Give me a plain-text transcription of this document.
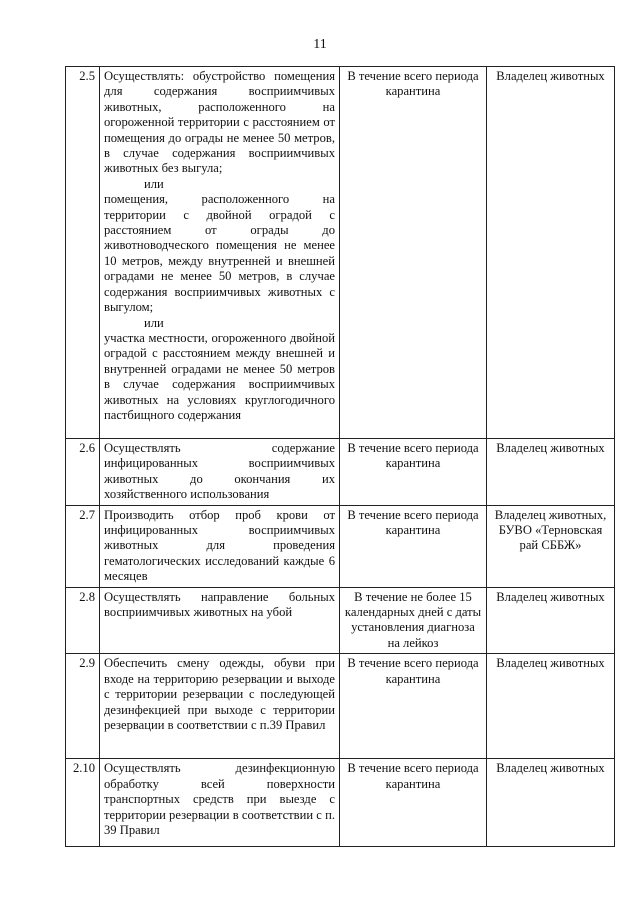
11
2.5	Осуществлять: обустройство помещения для содержания восприимчивых животных, расположенного на огороженной территории с расстоянием от помещения до ограды не менее 50 метров, в случае содержания восприимчивых животных без выгула;

или

помещения, расположенного на территории с двойной оградой с расстоянием от ограды до животноводческого помещения не менее 10 метров, между внутренней и внешней оградами не менее 50 метров, в случае содержания восприимчивых животных с выгулом;

или

участка местности, огороженного двойной оградой с расстоянием между внешней и внутренней оградами не менее 50 метров в случае содержания восприимчивых животных на условиях круглогодичного пастбищного содержания	В течение всего периода карантина	Владелец животных
2.6	Осуществлять содержание инфицированных восприимчивых животных до окончания их хозяйственного использования	В течение всего периода карантина	Владелец животных
2.7	Производить отбор проб крови от инфицированных восприимчивых животных для проведения гематологических исследований каждые 6 месяцев	В течение всего периода карантина	Владелец животных, БУВО «Терновская рай СББЖ»
2.8	Осуществлять направление больных восприимчивых животных на убой	В течение не более 15 календарных дней с даты установления диагноза на лейкоз	Владелец животных
2.9	Обеспечить смену одежды, обуви при входе на территорию резервации и выходе с территории резервации с последующей дезинфекцией при выходе с территории резервации в соответствии с п.39 Правил	В течение всего периода карантина	Владелец животных
2.10	Осуществлять дезинфекционную обработку всей поверхности транспортных средств при выезде с территории резервации в соответствии с п. 39 Правил	В течение всего периода карантина	Владелец животных
